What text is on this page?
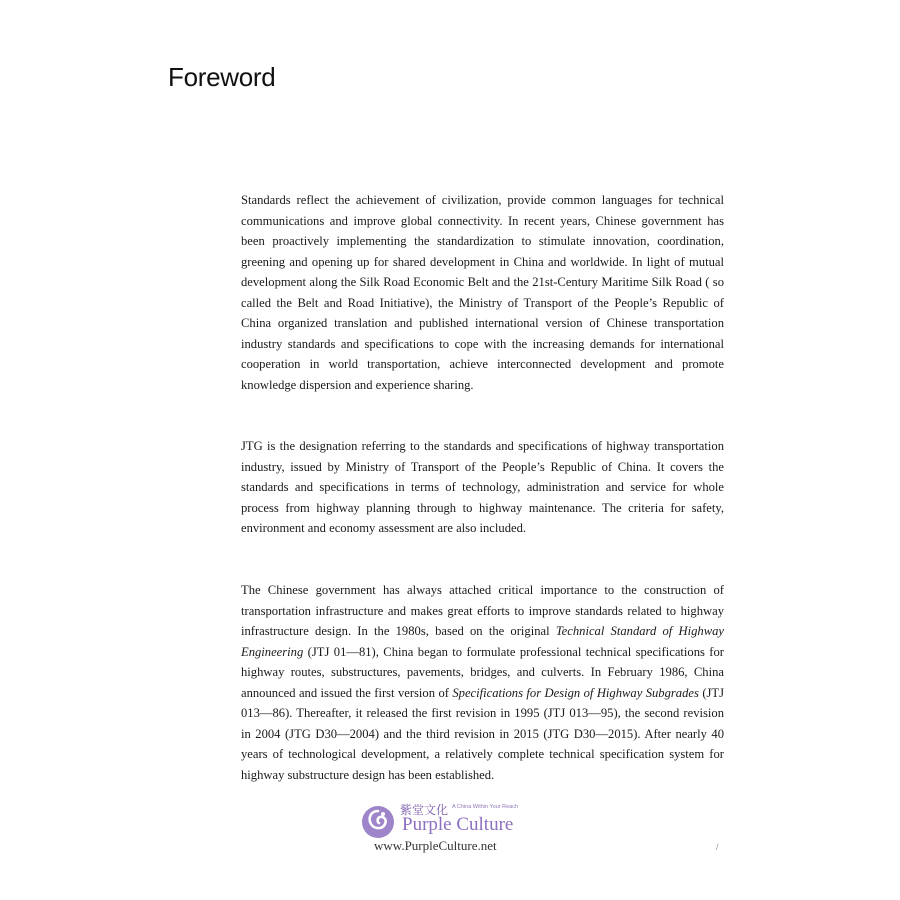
Foreword

Standards reflect the achievement of civilization, provide common languages for technical communications and improve global connectivity. In recent years, Chinese government has been proactively implementing the standardization to stimulate innovation, coordination, greening and opening up for shared development in China and worldwide. In light of mutual development along the Silk Road Economic Belt and the 21st-Century Maritime Silk Road ( so called the Belt and Road Initiative), the Ministry of Transport of the People’s Republic of China organized translation and published international version of Chinese transportation industry standards and specifications to cope with the increasing demands for international cooperation in world transportation, achieve interconnected development and promote knowledge dispersion and experience sharing.

JTG is the designation referring to the standards and specifications of highway transportation industry, issued by Ministry of Transport of the People’s Republic of China. It covers the standards and specifications in terms of technology, administration and service for whole process from highway planning through to highway maintenance. The criteria for safety, environment and economy assessment are also included.

The Chinese government has always attached critical importance to the construction of transportation infrastructure and makes great efforts to improve standards related to highway infrastructure design. In the 1980s, based on the original Technical Standard of Highway Engineering (JTJ 01—81), China began to formulate professional technical specifications for highway routes, substructures, pavements, bridges, and culverts. In February 1986, China announced and issued the first version of Specifications for Design of Highway Subgrades (JTJ 013—86). Thereafter, it released the first revision in 1995 (JTJ 013—95), the second revision in 2004 (JTG D30—2004) and the third revision in 2015 (JTG D30—2015). After nearly 40 years of technological development, a relatively complete technical specification system for highway substructure design has been established.

紫堂文化 A China Within Your Reach
Purple Culture
www.PurpleCulture.net	/
